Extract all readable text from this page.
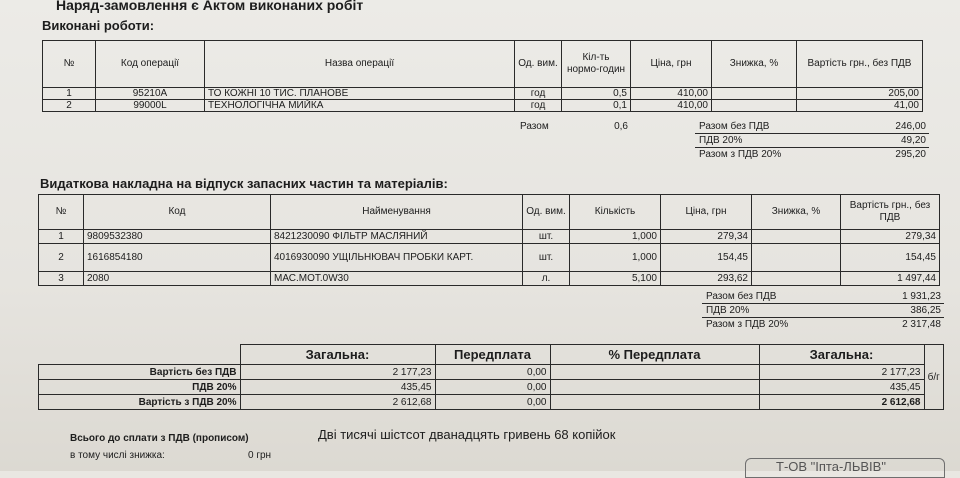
Наряд-замовлення є Актом виконаних робіт
Виконані роботи:
№	Код операції	Назва операції	Од. вим.	Кіл-ть нормо-годин	Ціна, грн	Знижка, %	Вартість грн., без ПДВ
1	95210А	ТО КОЖНІ 10 ТИС. ПЛАНОВЕ	год	0,5	410,00		205,00
2	99000L	ТЕХНОЛОГІЧНА МИЙКА	год	0,1	410,00		41,00
Разом	0,6	Разом без ПДВ	246,00
ПДВ 20%	49,20
Разом з ПДВ 20%	295,20
Видаткова накладна на відпуск запасних частин та матеріалів:
№	Код	Найменування	Од. вим.	Кількість	Ціна, грн	Знижка, %	Вартість грн., без ПДВ
1	9809532380	8421230090 ФІЛЬТР МАСЛЯНИЙ	шт.	1,000	279,34		279,34
2	1616854180	4016930090 УЩІЛЬНЮВАЧ ПРОБКИ КАРТ.	шт.	1,000	154,45		154,45
3	2080	МАС.МОТ.0W30	л.	5,100	293,62		1 497,44
Разом без ПДВ	1 931,23
ПДВ 20%	386,25
Разом з ПДВ 20%	2 317,48
	Загальна:	Передплата	% Передплата	Загальна:	б/г
Вартість без ПДВ	2 177,23	0,00		2 177,23	
ПДВ 20%	435,45	0,00		435,45	
Вартість з ПДВ 20%	2 612,68	0,00		2 612,68	
Всього до сплати з ПДВ (прописом)	Дві тисячі шістсот дванадцять гривень 68 копійок
в тому числі знижка:	0 грн
Т-ОВ "Іпта-ЛЬВІВ"
